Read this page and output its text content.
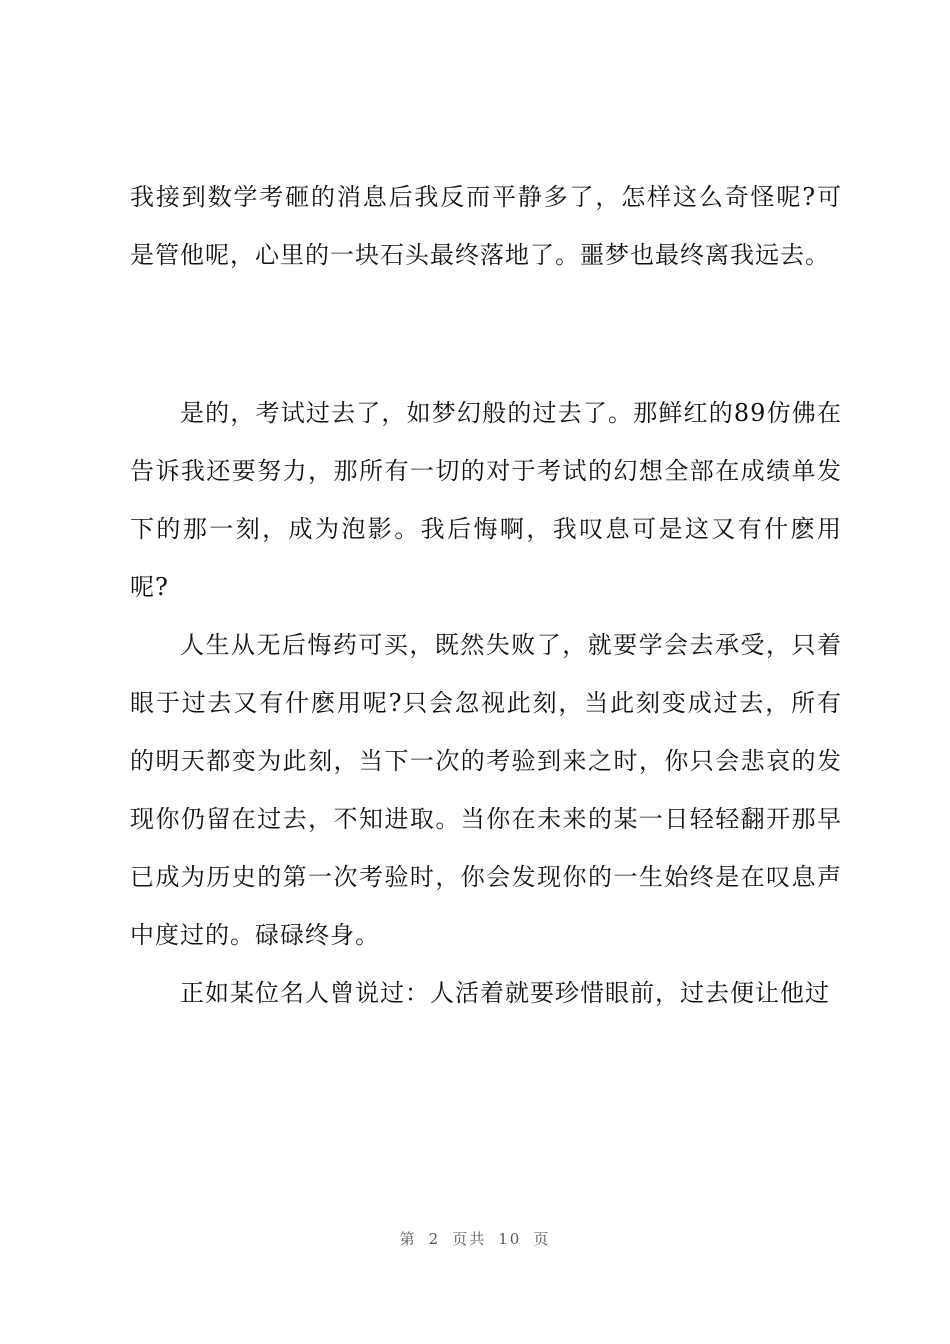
我接到数学考砸的消息后我反而平静多了，怎样这么奇怪呢?可是管他呢，心里的一块石头最终落地了。噩梦也最终离我远去。

是的，考试过去了，如梦幻般的过去了。那鲜红的89仿佛在告诉我还要努力，那所有一切的对于考试的幻想全部在成绩单发下的那一刻，成为泡影。我后悔啊，我叹息可是这又有什麽用呢?

人生从无后悔药可买，既然失败了，就要学会去承受，只着眼于过去又有什麽用呢?只会忽视此刻，当此刻变成过去，所有的明天都变为此刻，当下一次的考验到来之时，你只会悲哀的发现你仍留在过去，不知进取。当你在未来的某一日轻轻翻开那早已成为历史的第一次考验时，你会发现你的一生始终是在叹息声中度过的。碌碌终身。

正如某位名人曾说过：人活着就要珍惜眼前，过去便让他过

第 2 页共 10 页
